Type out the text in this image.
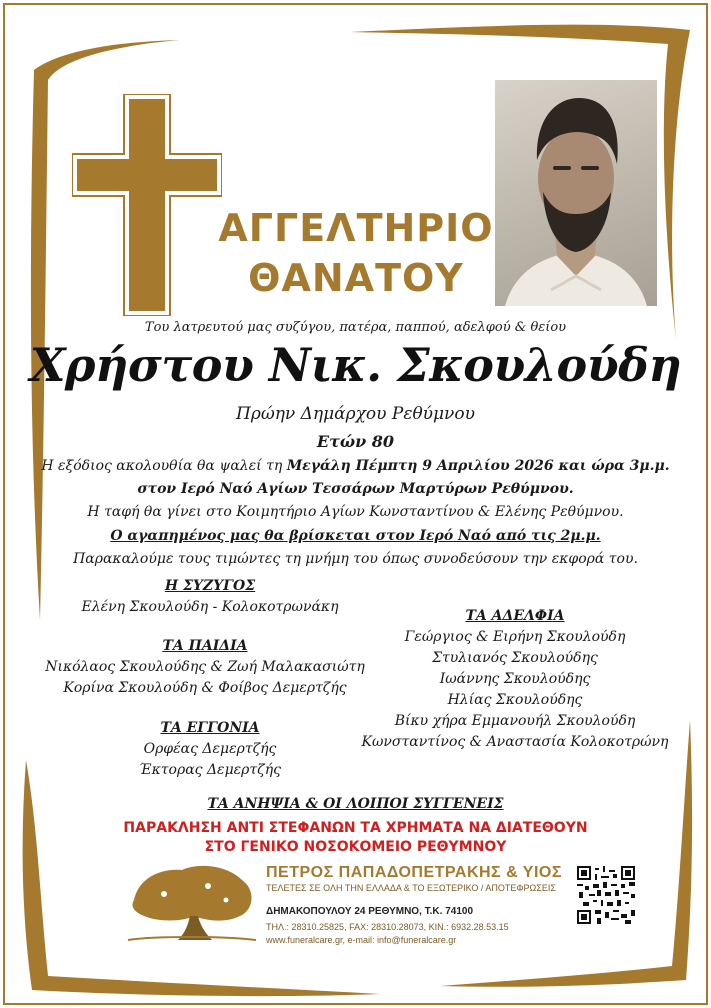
ΑΓΓΕΛΤΗΡΙΟ
ΘΑΝΑΤΟΥ
Του λατρευτού μας συζύγου, πατέρα, παππού, αδελφού & θείου
Χρήστου Νικ. Σκουλούδη
Πρώην Δημάρχου Ρεθύμνου
Ετών 80
Η εξόδιος ακολουθία θα ψαλεί τη Μεγάλη Πέμπτη 9 Απριλίου 2026 και ώρα 3μ.μ.
στον Ιερό Ναό Αγίων Τεσσάρων Μαρτύρων Ρεθύμνου.
Η ταφή θα γίνει στο Κοιμητήριο Αγίων Κωνσταντίνου & Ελένης Ρεθύμνου.
Ο αγαπημένος μας θα βρίσκεται στον Ιερό Ναό από τις 2μ.μ.
Παρακαλούμε τους τιμώντες τη μνήμη του όπως συνοδεύσουν την εκφορά του.
Η ΣΥΖΥΓΟΣ
Ελένη Σκουλούδη - Κολοκοτρωνάκη
ΤΑ ΠΑΙΔΙΑ
Νικόλαος Σκουλούδης & Ζωή Μαλακασιώτη
Κορίνα Σκουλούδη & Φοίβος Δεμερτζής
ΤΑ ΕΓΓΟΝΙΑ
Ορφέας Δεμερτζής
Έκτορας Δεμερτζής
ΤΑ ΑΔΕΛΦΙΑ
Γεώργιος & Ειρήνη Σκουλούδη
Στυλιανός Σκουλούδης
Ιωάννης Σκουλούδης
Ηλίας Σκουλούδης
Βίκυ χήρα Εμμανουήλ Σκουλούδη
Κωνσταντίνος & Αναστασία Κολοκοτρώνη
ΤΑ ΑΝΗΨΙΑ & ΟΙ ΛΟΙΠΟΙ ΣΥΓΓΕΝΕΙΣ
ΠΑΡΑΚΛΗΣΗ ΑΝΤΙ ΣΤΕΦΑΝΩΝ ΤΑ ΧΡΗΜΑΤΑ ΝΑ ΔΙΑΤΕΘΟΥΝ
ΣΤΟ ΓΕΝΙΚΟ ΝΟΣΟΚΟΜΕΙΟ ΡΕΘΥΜΝΟΥ
ΠΕΤΡΟΣ ΠΑΠΑΔΟΠΕΤΡΑΚΗΣ & ΥΙΟΣ
ΤΕΛΕΤΕΣ ΣΕ ΟΛΗ ΤΗΝ ΕΛΛΑΔΑ & ΤΟ ΕΞΩΤΕΡΙΚΟ / ΑΠΟΤΕΦΡΩΣΕΙΣ
ΔΗΜΑΚΟΠΟΥΛΟΥ 24 ΡΕΘΥΜΝΟ, Τ.Κ. 74100
ΤΗΛ.: 28310.25825, FAX: 28310.28073, ΚΙΝ.: 6932.28.53.15
www.funeralcare.gr, e-mail: info@funeralcare.gr
